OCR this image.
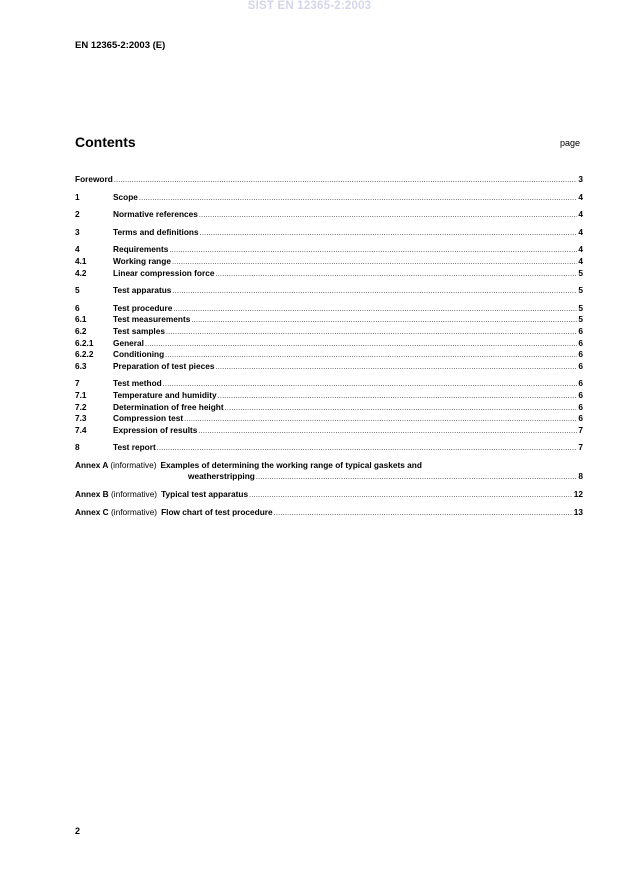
SIST EN 12365-2:2003
EN 12365-2:2003 (E)
Contents	page
Foreword .....	3
1	Scope .....	4
2	Normative references .....	4
3	Terms and definitions .....	4
4	Requirements .....	4
4.1	Working range .....	4
4.2	Linear compression force .....	5
5	Test apparatus .....	5
6	Test procedure .....	5
6.1	Test measurements .....	5
6.2	Test samples .....	6
6.2.1 General .....	6
6.2.2 Conditioning .....	6
6.3	Preparation of test pieces .....	6
7	Test method .....	6
7.1	Temperature and humidity .....	6
7.2	Determination of free height .....	6
7.3	Compression test .....	6
7.4	Expression of results .....	7
8	Test report .....	7
Annex A (informative) Examples of determining the working range of typical gaskets and
weatherstripping .....	8
Annex B (informative) Typical test apparatus .....	12
Annex C (informative) Flow chart of test procedure .....	13
2
